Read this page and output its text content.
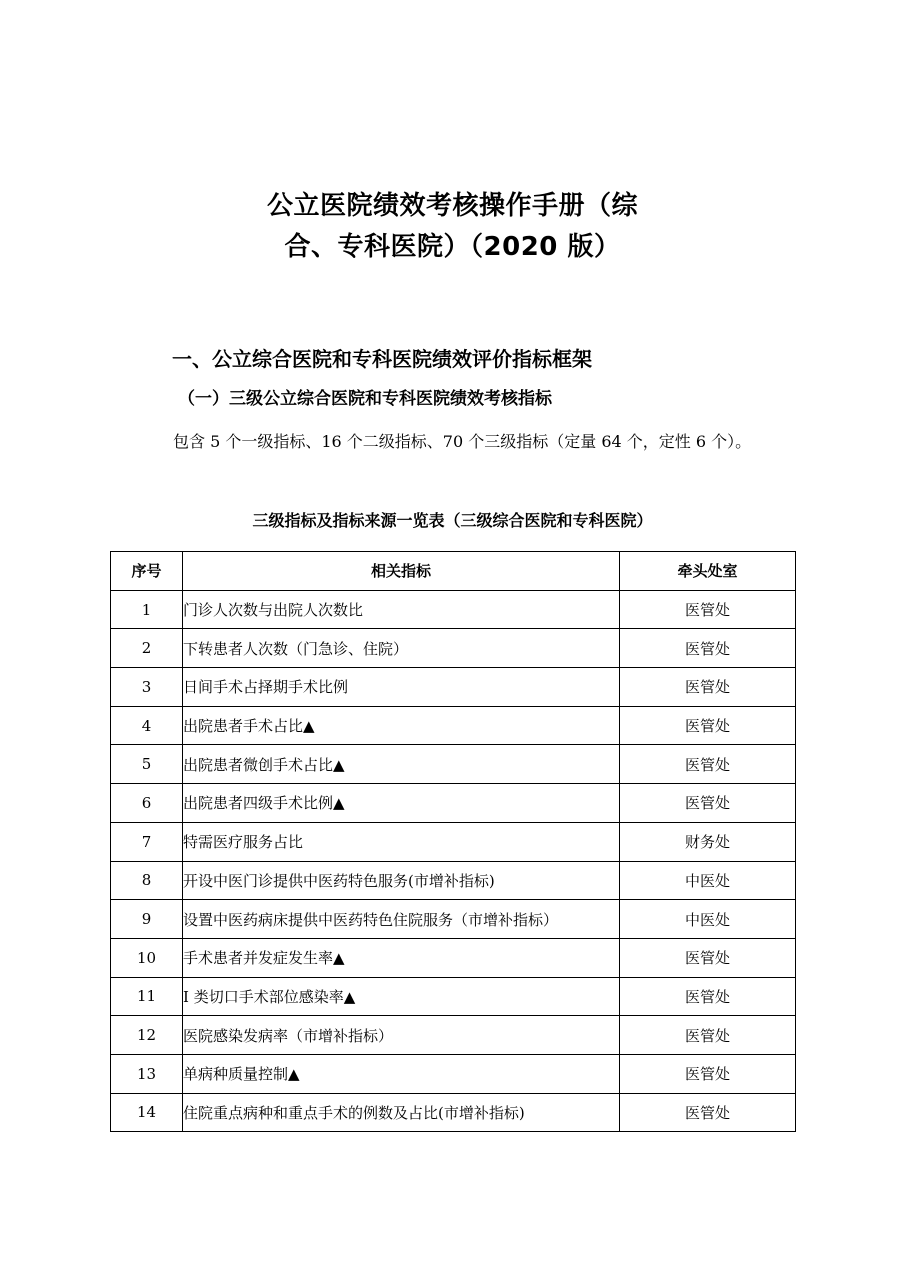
公立医院绩效考核操作手册（综
合、专科医院）（2020 版）
一、公立综合医院和专科医院绩效评价指标框架
（一）三级公立综合医院和专科医院绩效考核指标
包含 5 个一级指标、16 个二级指标、70 个三级指标（定量 64 个，定性 6 个）。
三级指标及指标来源一览表（三级综合医院和专科医院）
序号	相关指标	牵头处室
1	门诊人次数与出院人次数比	医管处
2	下转患者人次数（门急诊、住院）	医管处
3	日间手术占择期手术比例	医管处
4	出院患者手术占比▲	医管处
5	出院患者微创手术占比▲	医管处
6	出院患者四级手术比例▲	医管处
7	特需医疗服务占比	财务处
8	开设中医门诊提供中医药特色服务(市增补指标)	中医处
9	设置中医药病床提供中医药特色住院服务（市增补指标）	中医处
10	手术患者并发症发生率▲	医管处
11	I 类切口手术部位感染率▲	医管处
12	医院感染发病率（市增补指标）	医管处
13	单病种质量控制▲	医管处
14	住院重点病种和重点手术的例数及占比(市增补指标)	医管处
